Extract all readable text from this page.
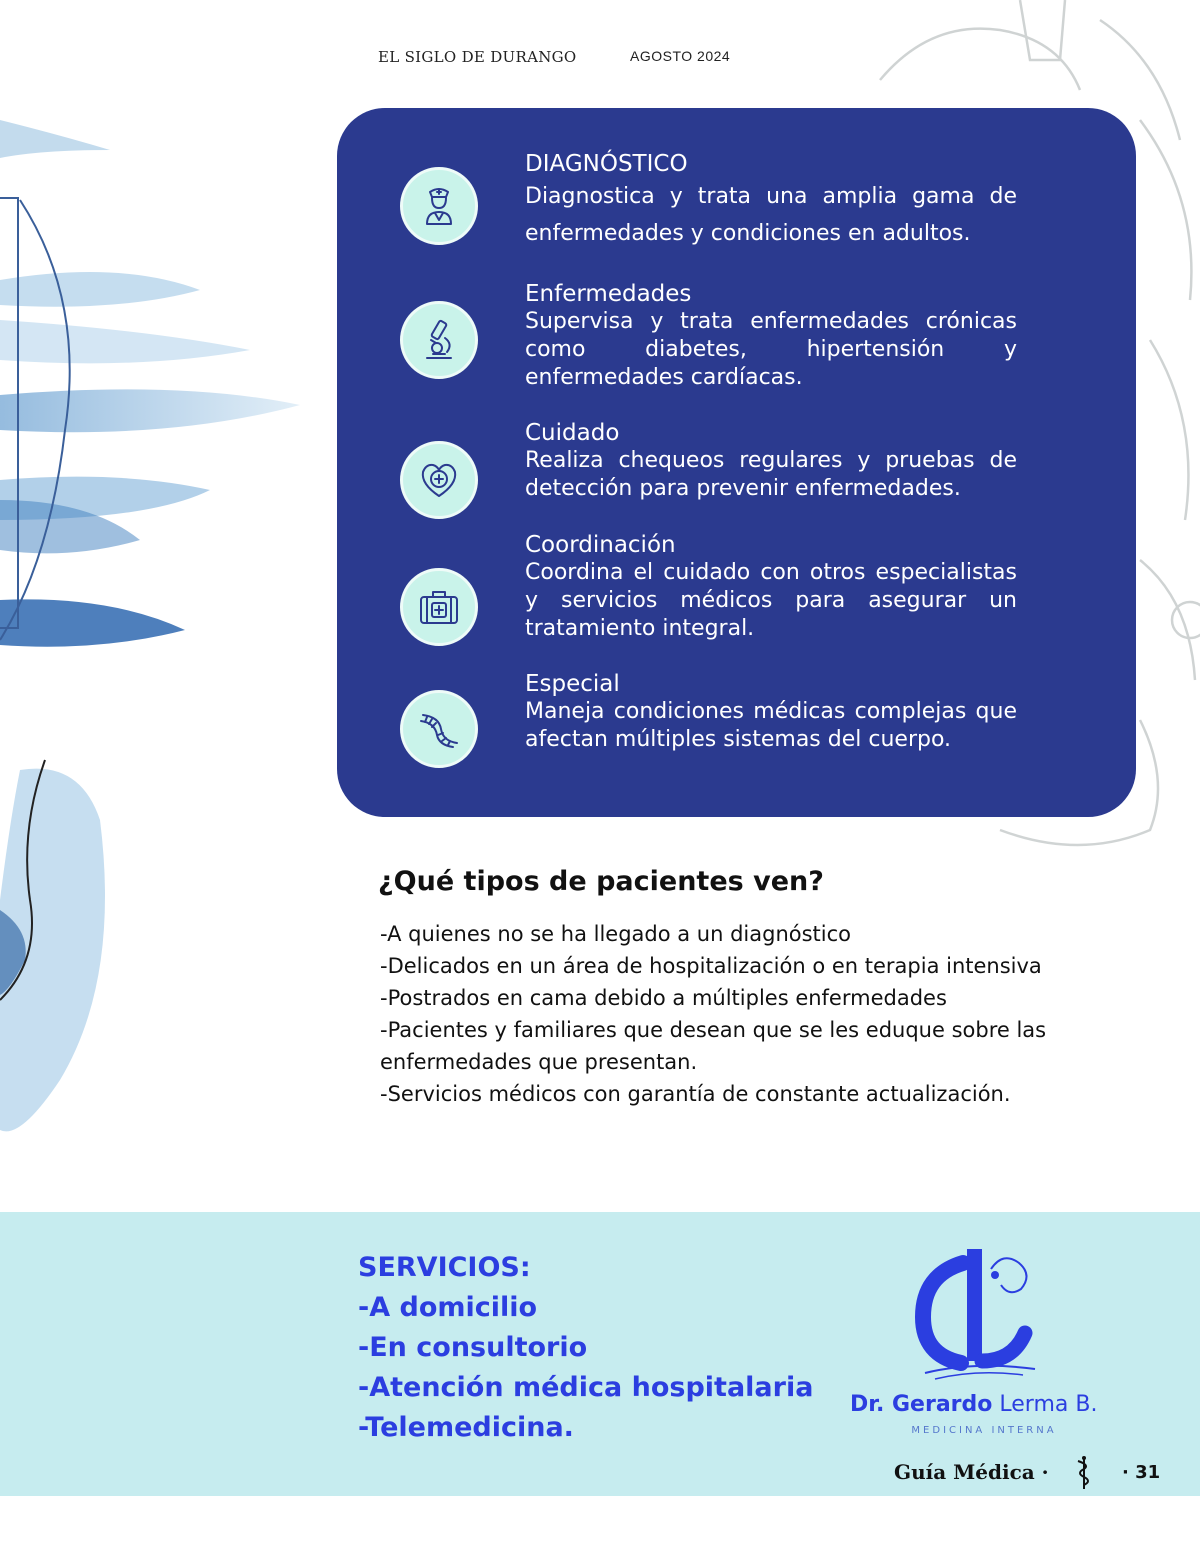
EL SIGLO DE DURANGO	AGOSTO 2024
DIAGNÓSTICO
Diagnostica y trata una amplia gama de enfermedades y condiciones en adultos.
Enfermedades
Supervisa y trata enfermedades crónicas como diabetes, hipertensión y enfermedades cardíacas.
Cuidado
Realiza chequeos regulares y pruebas de detección para prevenir enfermedades.
Coordinación
Coordina el cuidado con otros especialistas y servicios médicos para asegurar un tratamiento integral.
Especial
Maneja condiciones médicas complejas que afectan múltiples sistemas del cuerpo.
¿Qué tipos de pacientes ven?
-A quienes no se ha llegado a un diagnóstico
-Delicados en un área de hospitalización o en terapia intensiva
-Postrados en cama debido a múltiples enfermedades
-Pacientes y familiares que desean que se les eduque sobre las enfermedades que presentan.
-Servicios médicos con garantía de constante actualización.
SERVICIOS:
-A domicilio
-En consultorio
-Atención médica hospitalaria
-Telemedicina.
Dr. Gerardo Lerma B.
MEDICINA INTERNA
Guía Médica ·	· 31
